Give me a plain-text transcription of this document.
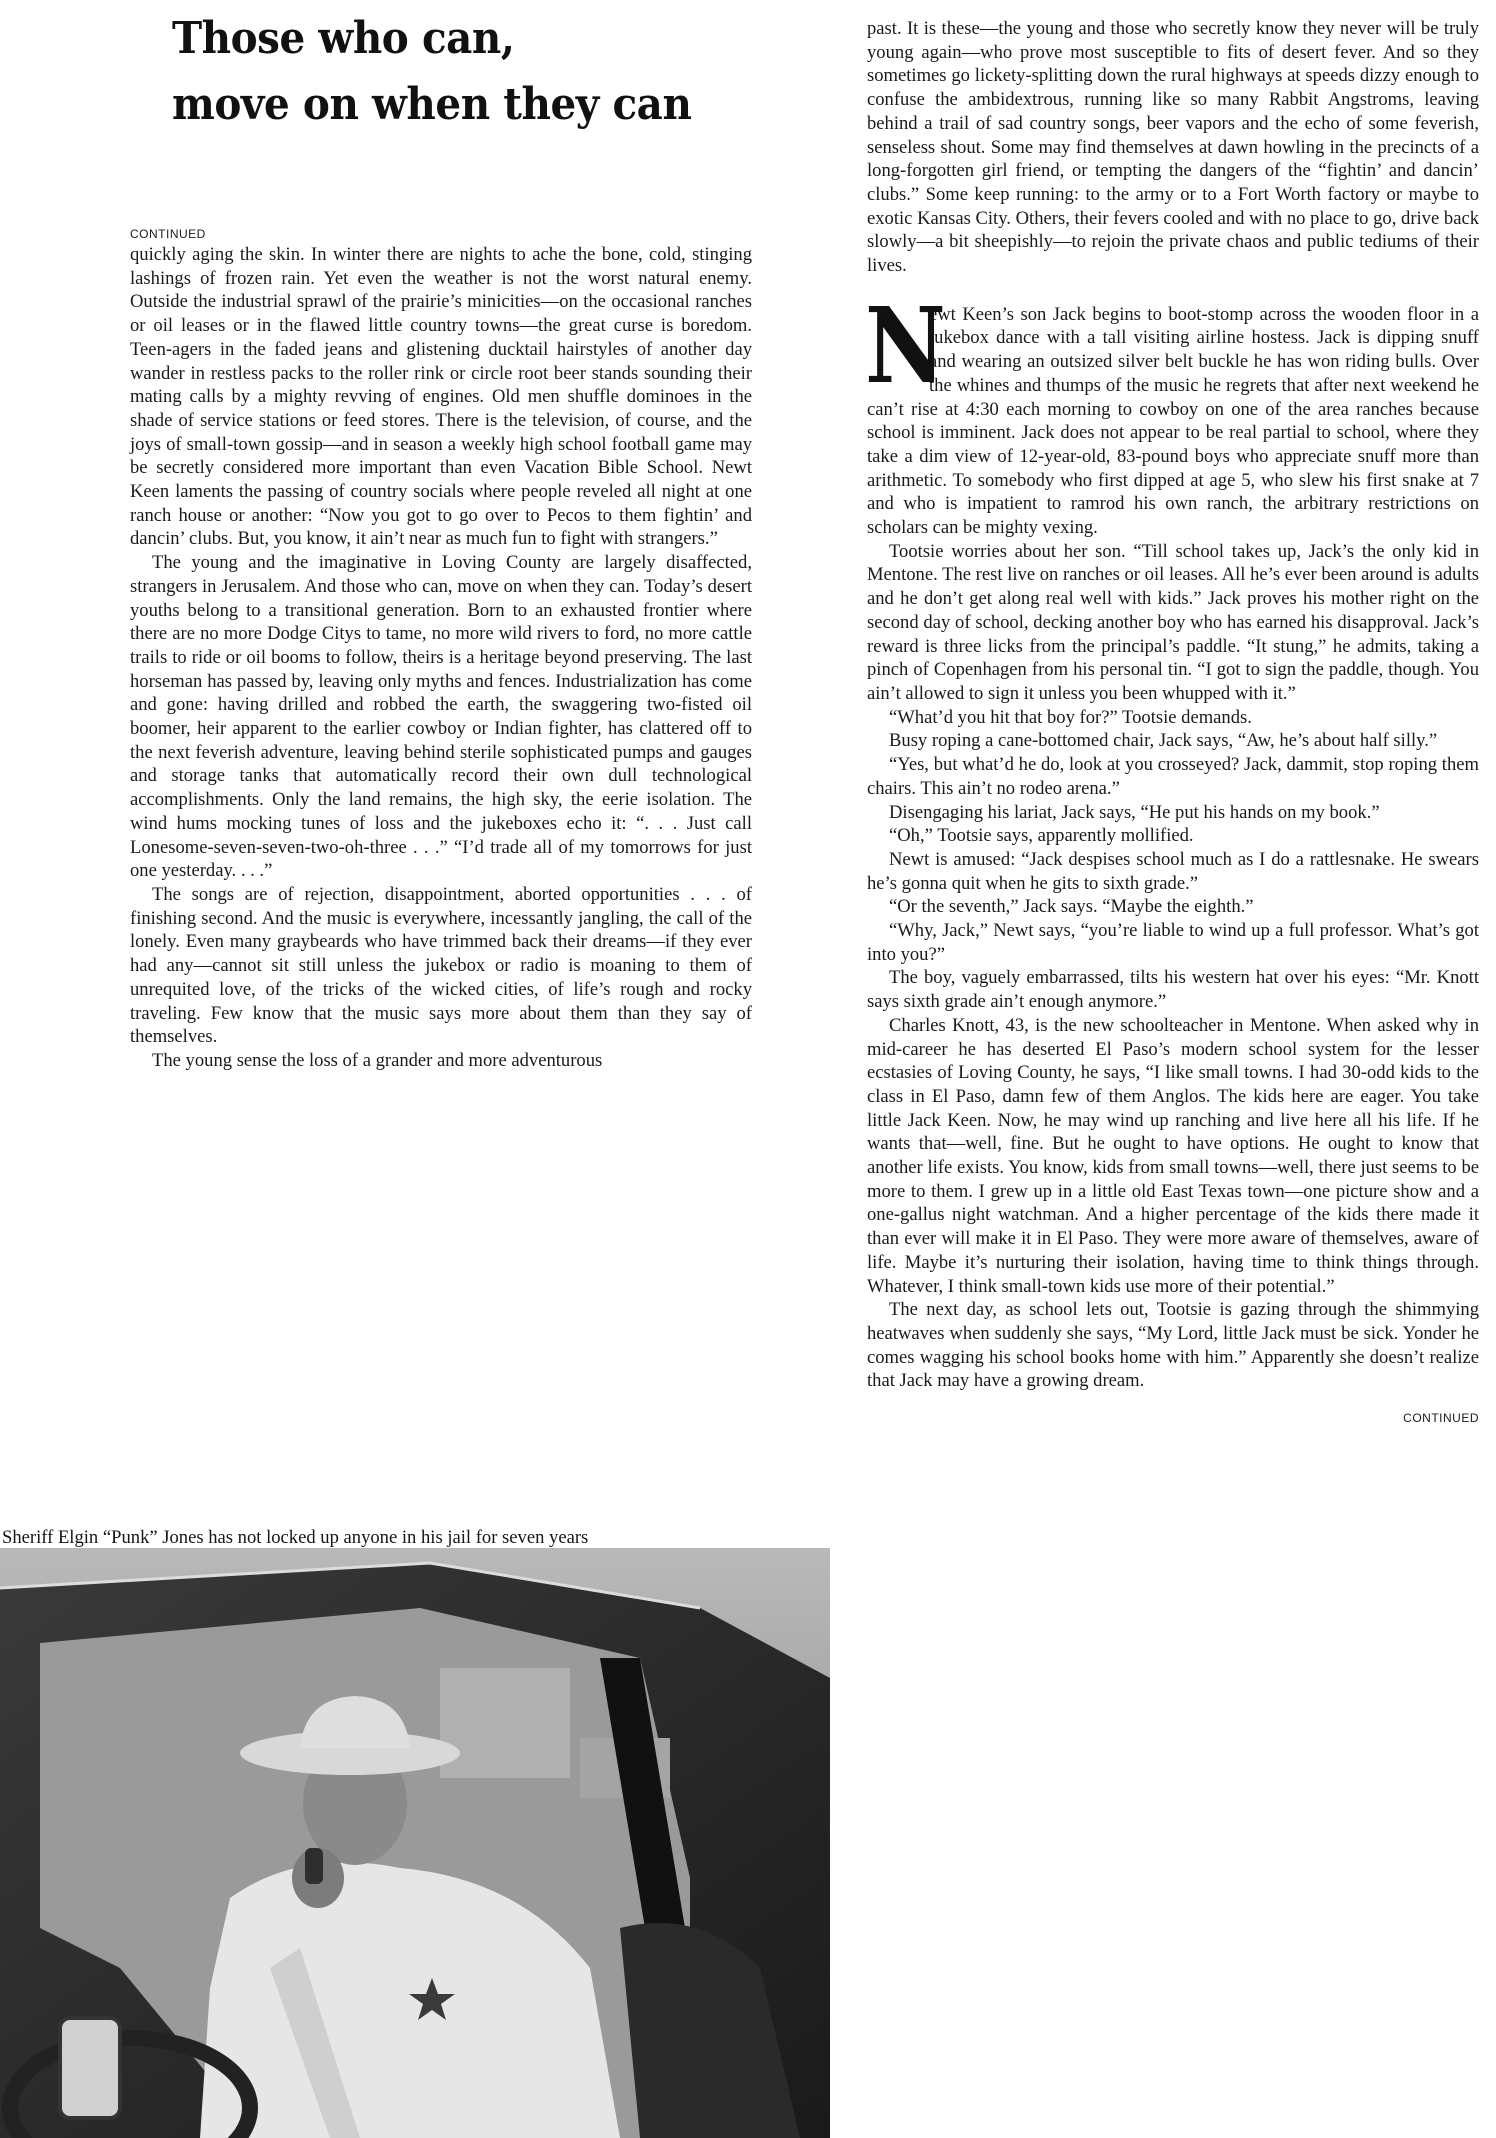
Those who can,
move on when they can
CONTINUED

quickly aging the skin. In winter there are nights to ache the bone, cold, stinging lashings of frozen rain. Yet even the weather is not the worst natural enemy. Outside the industrial sprawl of the prairie’s minicities—on the occasional ranches or oil leases or in the flawed little country towns—the great curse is boredom. Teen-agers in the faded jeans and glistening ducktail hairstyles of another day wander in restless packs to the roller rink or circle root beer stands sounding their mating calls by a mighty revving of engines. Old men shuffle dominoes in the shade of service stations or feed stores. There is the television, of course, and the joys of small-town gossip—and in season a weekly high school football game may be secretly considered more important than even Vacation Bible School. Newt Keen laments the passing of country socials where people reveled all night at one ranch house or another: “Now you got to go over to Pecos to them fightin’ and dancin’ clubs. But, you know, it ain’t near as much fun to fight with strangers.”

The young and the imaginative in Loving County are largely disaffected, strangers in Jerusalem. And those who can, move on when they can. Today’s desert youths belong to a transitional generation. Born to an exhausted frontier where there are no more Dodge Citys to tame, no more wild rivers to ford, no more cattle trails to ride or oil booms to follow, theirs is a heritage beyond preserving. The last horseman has passed by, leaving only myths and fences. Industrialization has come and gone: having drilled and robbed the earth, the swaggering two-fisted oil boomer, heir apparent to the earlier cowboy or Indian fighter, has clattered off to the next feverish adventure, leaving behind sterile sophisticated pumps and gauges and storage tanks that automatically record their own dull technological accomplishments. Only the land remains, the high sky, the eerie isolation. The wind hums mocking tunes of loss and the jukeboxes echo it: “. . . Just call Lonesome-seven-seven-two-oh-three . . .” “I’d trade all of my tomorrows for just one yesterday. . . .”

The songs are of rejection, disappointment, aborted opportunities . . . of finishing second. And the music is everywhere, incessantly jangling, the call of the lonely. Even many graybeards who have trimmed back their dreams—if they ever had any—cannot sit still unless the jukebox or radio is moaning to them of unrequited love, of the tricks of the wicked cities, of life’s rough and rocky traveling. Few know that the music says more about them than they say of themselves.

The young sense the loss of a grander and more adventurous

Sheriff Elgin “Punk” Jones has not locked up anyone in his jail for seven years

past. It is these—the young and those who secretly know they never will be truly young again—who prove most susceptible to fits of desert fever. And so they sometimes go lickety-splitting down the rural highways at speeds dizzy enough to confuse the ambidextrous, running like so many Rabbit Angstroms, leaving behind a trail of sad country songs, beer vapors and the echo of some feverish, senseless shout. Some may find themselves at dawn howling in the precincts of a long-forgotten girl friend, or tempting the dangers of the “fightin’ and dancin’ clubs.” Some keep running: to the army or to a Fort Worth factory or maybe to exotic Kansas City. Others, their fevers cooled and with no place to go, drive back slowly—a bit sheepishly—to rejoin the private chaos and public tediums of their lives.

N
ewt Keen’s son Jack begins to boot-stomp across the wooden floor in a jukebox dance with a tall visiting airline hostess. Jack is dipping snuff and wearing an outsized silver belt buckle he has won riding bulls. Over the whines and thumps of the music he regrets that after next weekend he can’t rise at 4:30 each morning to cowboy on one of the area ranches because school is imminent. Jack does not appear to be real partial to school, where they take a dim view of 12-year-old, 83-pound boys who appreciate snuff more than arithmetic. To somebody who first dipped at age 5, who slew his first snake at 7 and who is impatient to ramrod his own ranch, the arbitrary restrictions on scholars can be mighty vexing.

Tootsie worries about her son. “Till school takes up, Jack’s the only kid in Mentone. The rest live on ranches or oil leases. All he’s ever been around is adults and he don’t get along real well with kids.” Jack proves his mother right on the second day of school, decking another boy who has earned his disapproval. Jack’s reward is three licks from the principal’s paddle. “It stung,” he admits, taking a pinch of Copenhagen from his personal tin. “I got to sign the paddle, though. You ain’t allowed to sign it unless you been whupped with it.”

“What’d you hit that boy for?” Tootsie demands.

Busy roping a cane-bottomed chair, Jack says, “Aw, he’s about half silly.”

“Yes, but what’d he do, look at you crosseyed? Jack, dammit, stop roping them chairs. This ain’t no rodeo arena.”

Disengaging his lariat, Jack says, “He put his hands on my book.”

“Oh,” Tootsie says, apparently mollified.

Newt is amused: “Jack despises school much as I do a rattlesnake. He swears he’s gonna quit when he gits to sixth grade.”

“Or the seventh,” Jack says. “Maybe the eighth.”

“Why, Jack,” Newt says, “you’re liable to wind up a full professor. What’s got into you?”

The boy, vaguely embarrassed, tilts his western hat over his eyes: “Mr. Knott says sixth grade ain’t enough anymore.”

Charles Knott, 43, is the new schoolteacher in Mentone. When asked why in mid-career he has deserted El Paso’s modern school system for the lesser ecstasies of Loving County, he says, “I like small towns. I had 30-odd kids to the class in El Paso, damn few of them Anglos. The kids here are eager. You take little Jack Keen. Now, he may wind up ranching and live here all his life. If he wants that—well, fine. But he ought to have options. He ought to know that another life exists. You know, kids from small towns—well, there just seems to be more to them. I grew up in a little old East Texas town—one picture show and a one-gallus night watchman. And a higher percentage of the kids there made it than ever will make it in El Paso. They were more aware of themselves, aware of life. Maybe it’s nurturing their isolation, having time to think things through. Whatever, I think small-town kids use more of their potential.”

The next day, as school lets out, Tootsie is gazing through the shimmying heatwaves when suddenly she says, “My Lord, little Jack must be sick. Yonder he comes wagging his school books home with him.” Apparently she doesn’t realize that Jack may have a growing dream.

CONTINUED
